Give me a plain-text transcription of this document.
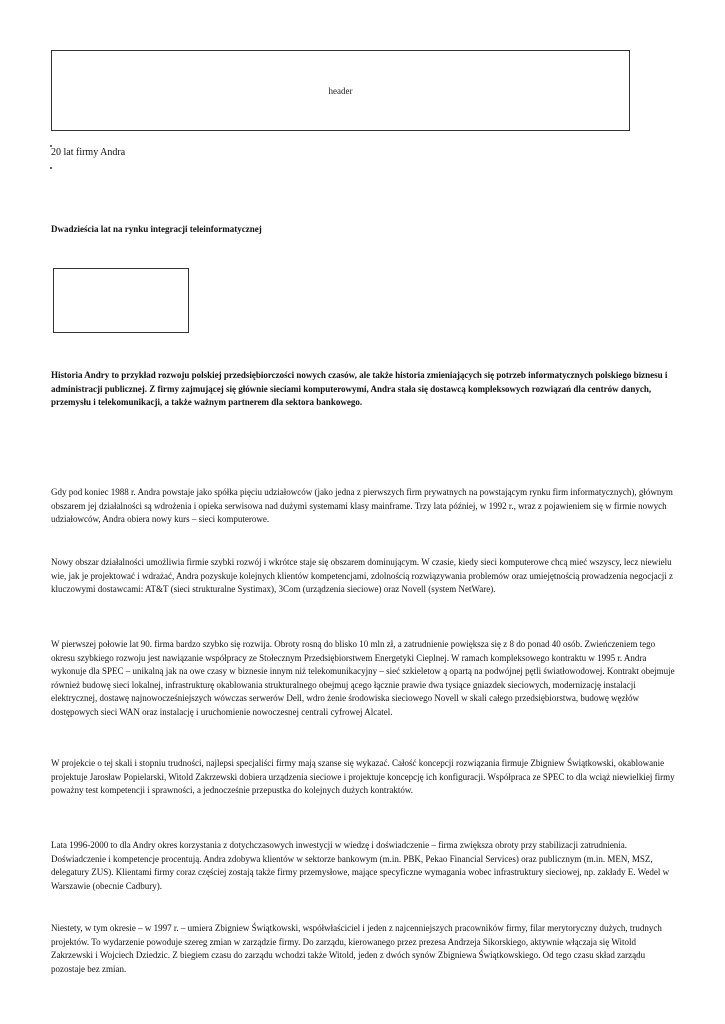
header
20 lat firmy Andra
Dwadzieścia lat na rynku integracji teleinformatycznej

Historia Andry to przykład rozwoju polskiej przedsiębiorczości nowych czasów, ale także historia zmieniających się potrzeb informatycznych polskiego biznesu i administracji publicznej. Z firmy zajmującej się głównie sieciami komputerowymi, Andra stała się dostawcą kompleksowych rozwiązań dla centrów danych, przemysłu i telekomunikacji, a także ważnym partnerem dla sektora bankowego.

Gdy pod koniec 1988 r. Andra powstaje jako spółka pięciu udziałowców (jako jedna z pierwszych firm prywatnych na powstającym rynku firm informatycznych), głównym obszarem jej działalności są wdrożenia i opieka serwisowa nad dużymi systemami klasy mainframe. Trzy lata później, w 1992 r., wraz z pojawieniem się w firmie nowych udziałowców, Andra obiera nowy kurs – sieci komputerowe.

Nowy obszar działalności umożliwia firmie szybki rozwój i wkrótce staje się obszarem dominującym. W czasie, kiedy sieci komputerowe chcą mieć wszyscy, lecz niewielu wie, jak je projektować i wdrażać, Andra pozyskuje kolejnych klientów kompetencjami, zdolnością rozwiązywania problemów oraz umiejętnością prowadzenia negocjacji z kluczowymi dostawcami: AT&T (sieci strukturalne Systimax), 3Com (urządzenia sieciowe) oraz Novell (system NetWare).

W pierwszej połowie lat 90. firma bardzo szybko się rozwija. Obroty rosną do blisko 10 mln zł, a zatrudnienie powiększa się z 8 do ponad 40 osób. Zwieńczeniem tego okresu szybkiego rozwoju jest nawiązanie współpracy ze Stołecznym Przedsiębiorstwem Energetyki Cieplnej. W ramach kompleksowego kontraktu w 1995 r. Andra wykonuje dla SPEC – unikalną jak na owe czasy w biznesie innym niż telekomunikacyjny – sieć szkieletow ą opartą na podwójnej pętli światłowodowej. Kontrakt obejmuje również budowę sieci lokalnej, infrastrukturę okablowania strukturalnego obejmuj ącego łącznie prawie dwa tysiące gniazdek sieciowych, modernizację instalacji elektrycznej, dostawę najnowocześniejszych wówczas serwerów Dell, wdro żenie środowiska sieciowego Novell w skali całego przedsiębiorstwa, budowę węzłów dostępowych sieci WAN oraz instalację i uruchomienie nowoczesnej centrali cyfrowej Alcatel.

W projekcie o tej skali i stopniu trudności, najlepsi specjaliści firmy mają szanse się wykazać. Całość koncepcji rozwiązania firmuje Zbigniew Świątkowski, okablowanie projektuje Jarosław Popielarski, Witold Zakrzewski dobiera urządzenia sieciowe i projektuje koncepcję ich konfiguracji. Współpraca ze SPEC to dla wciąż niewielkiej firmy poważny test kompetencji i sprawności, a jednocześnie przepustka do kolejnych dużych kontraktów.

Lata 1996-2000 to dla Andry okres korzystania z dotychczasowych inwestycji w wiedzę i doświadczenie – firma zwiększa obroty przy stabilizacji zatrudnienia. Doświadczenie i kompetencje procentują. Andra zdobywa klientów w sektorze bankowym (m.in. PBK, Pekao Financial Services) oraz publicznym (m.in. MEN, MSZ, delegatury ZUS). Klientami firmy coraz częściej zostają także firmy przemysłowe, mające specyficzne wymagania wobec infrastruktury sieciowej, np. zakłady E. Wedel w Warszawie (obecnie Cadbury).

Niestety, w tym okresie – w 1997 r. – umiera Zbigniew Świątkowski, współwłaściciel i jeden z najcenniejszych pracowników firmy, filar merytoryczny dużych, trudnych projektów. To wydarzenie powoduje szereg zmian w zarządzie firmy. Do zarządu, kierowanego przez prezesa Andrzeja Sikorskiego, aktywnie włączaja się Witold Zakrzewski i Wojciech Dziedzic. Z biegiem czasu do zarządu wchodzi także Witold, jeden z dwóch synów Zbigniewa Świątkowskiego. Od tego czasu skład zarządu pozostaje bez zmian.
